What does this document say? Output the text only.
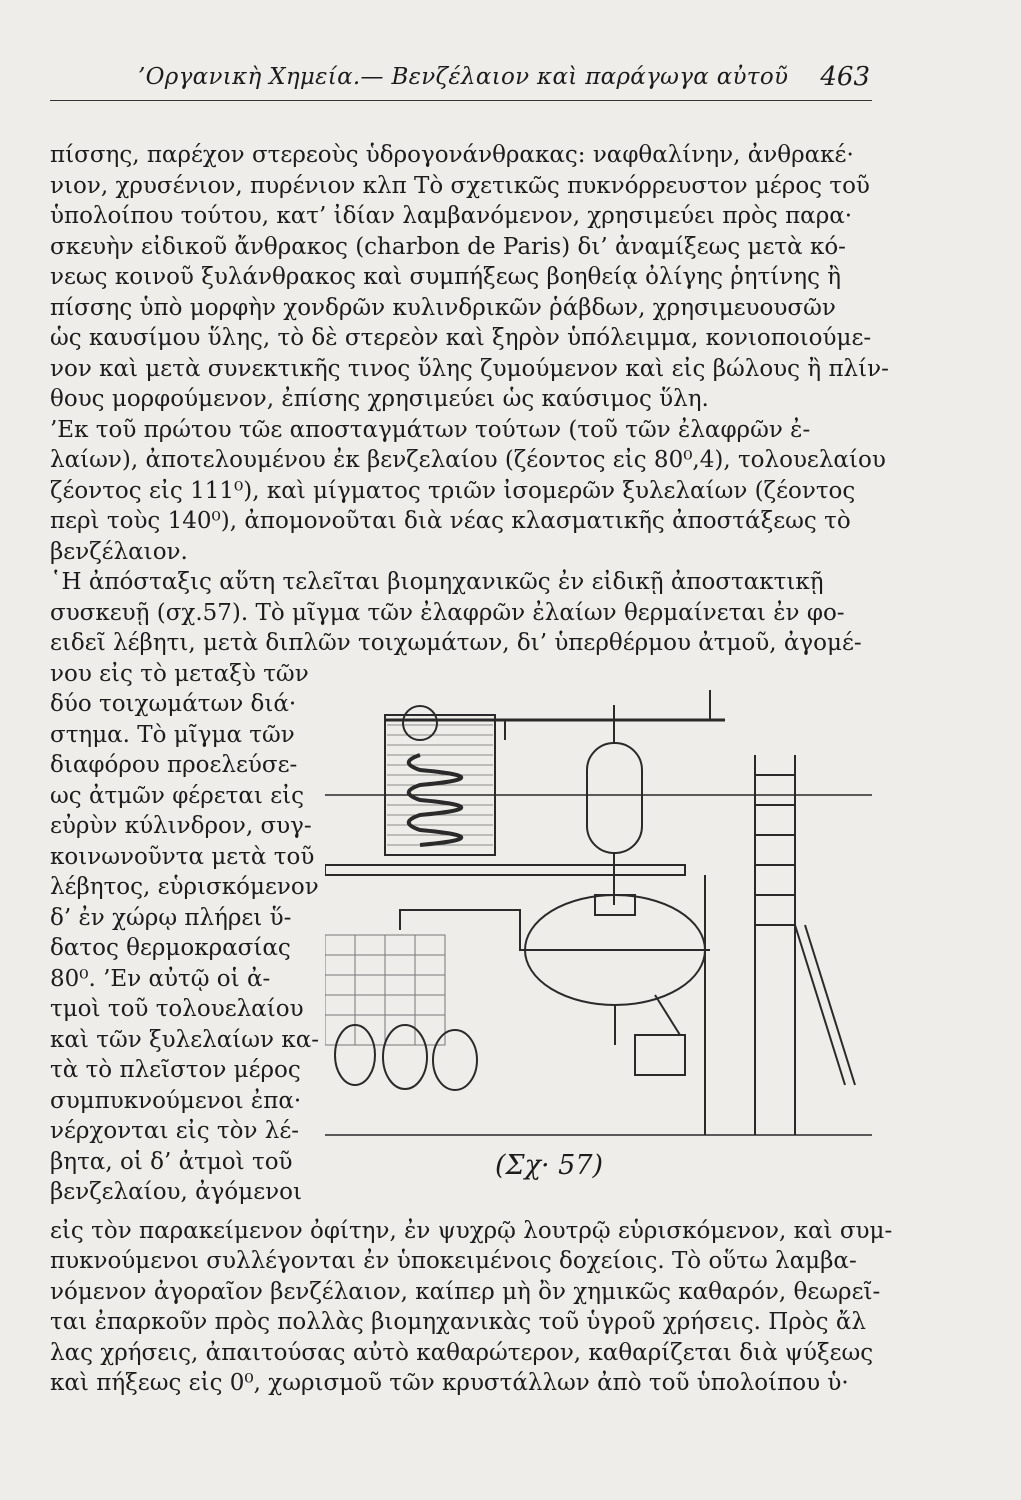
’Οργανικὴ Χημεία.— Βενζέλαιον καὶ παράγωγα αὐτοῦ 463
πίσσης, παρέχον στερεοὺς ὑδρογονάνθρακας: ναφθαλίνην, ἀνθρακέ·
νιον, χρυσένιον, πυρένιον κλπ Τὸ σχετικῶς πυκνόρρευστον μέρος τοῦ
ὑπολοίπου τούτου, κατ’ ἰδίαν λαμβανόμενον, χρησιμεύει πρὸς παρα·
σκευὴν εἰδικοῦ ἄνθρακος (charbon de Paris) δι’ ἀναμίξεως μετὰ κό-
νεως κοινοῦ ξυλάνθρακος καὶ συμπήξεως βοηθείᾳ ὀλίγης ῥητίνης ἢ
πίσσης ὑπὸ μορφὴν χονδρῶν κυλινδρικῶν ῥάβδων, χρησιμευουσῶν
ὡς καυσίμου ὕλης, τὸ δὲ στερεὸν καὶ ξηρὸν ὑπόλειμμα, κονιοποιούμε-
νον καὶ μετὰ συνεκτικῆς τινος ὕλης ζυμούμενον καὶ εἰς βώλους ἢ πλίν-
θους μορφούμενον, ἐπίσης χρησιμεύει ὡς καύσιμος ὕλη.
’Εκ τοῦ πρώτου τῶε αποσταγμάτων τούτων (τοῦ τῶν ἐλαφρῶν ἐ-
λαίων), ἀποτελουμένου ἐκ βενζελαίου (ζέοντος εἰς 80⁰,4), τολουελαίου
ζέοντος εἰς 111⁰), καὶ μίγματος τριῶν ἰσομερῶν ξυλελαίων (ζέοντος
περὶ τοὺς 140⁰), ἀπομονοῦται διὰ νέας κλασματικῆς ἀποστάξεως τὸ
βενζέλαιον.
῾Η ἀπόσταξις αὕτη τελεῖται βιομηχανικῶς ἐν εἰδικῇ ἀποστακτικῇ
συσκευῇ (σχ.57). Τὸ μῖγμα τῶν ἐλαφρῶν ἐλαίων θερμαίνεται ἐν φο-
ειδεῖ λέβητι, μετὰ διπλῶν τοιχωμάτων, δι’ ὑπερθέρμου ἀτμοῦ, ἀγομέ-
νου εἰς τὸ μεταξὺ τῶν
δύο τοιχωμάτων διά·
στημα. Τὸ μῖγμα τῶν
διαφόρου προελεύσε-
ως ἀτμῶν φέρεται εἰς
εὐρὺν κύλινδρον, συγ-
κοινωνοῦντα μετὰ τοῦ
λέβητος, εὑρισκόμενον
δ’ ἐν χώρῳ πλήρει ὕ-
δατος θερμοκρασίας
80⁰. ’Εν αὐτῷ οἱ ἀ-
τμοὶ τοῦ τολουελαίου
καὶ τῶν ξυλελαίων κα-
τὰ τὸ πλεῖστον μέρος
συμπυκνούμενοι ἐπα·
νέρχονται εἰς τὸν λέ-
βητα, οἱ δ’ ἀτμοὶ τοῦ
βενζελαίου, ἀγόμενοι
εἰς τὸν παρακείμενον ὀφίτην, ἐν ψυχρῷ λουτρῷ εὑρισκόμενον, καὶ συμ-
πυκνούμενοι συλλέγονται ἐν ὑποκειμένοις δοχείοις. Τὸ οὕτω λαμβα-
νόμενον ἀγοραῖον βενζέλαιον, καίπερ μὴ ὂν χημικῶς καθαρόν, θεωρεῖ-
ται ἐπαρκοῦν πρὸς πολλὰς βιομηχανικὰς τοῦ ὑγροῦ χρήσεις. Πρὸς ἄλ
λας χρήσεις, ἀπαιτούσας αὐτὸ καθαρώτερον, καθαρίζεται διὰ ψύξεως
καὶ πήξεως εἰς 0⁰, χωρισμοῦ τῶν κρυστάλλων ἀπὸ τοῦ ὑπολοίπου ὑ·
(Σχ· 57)
